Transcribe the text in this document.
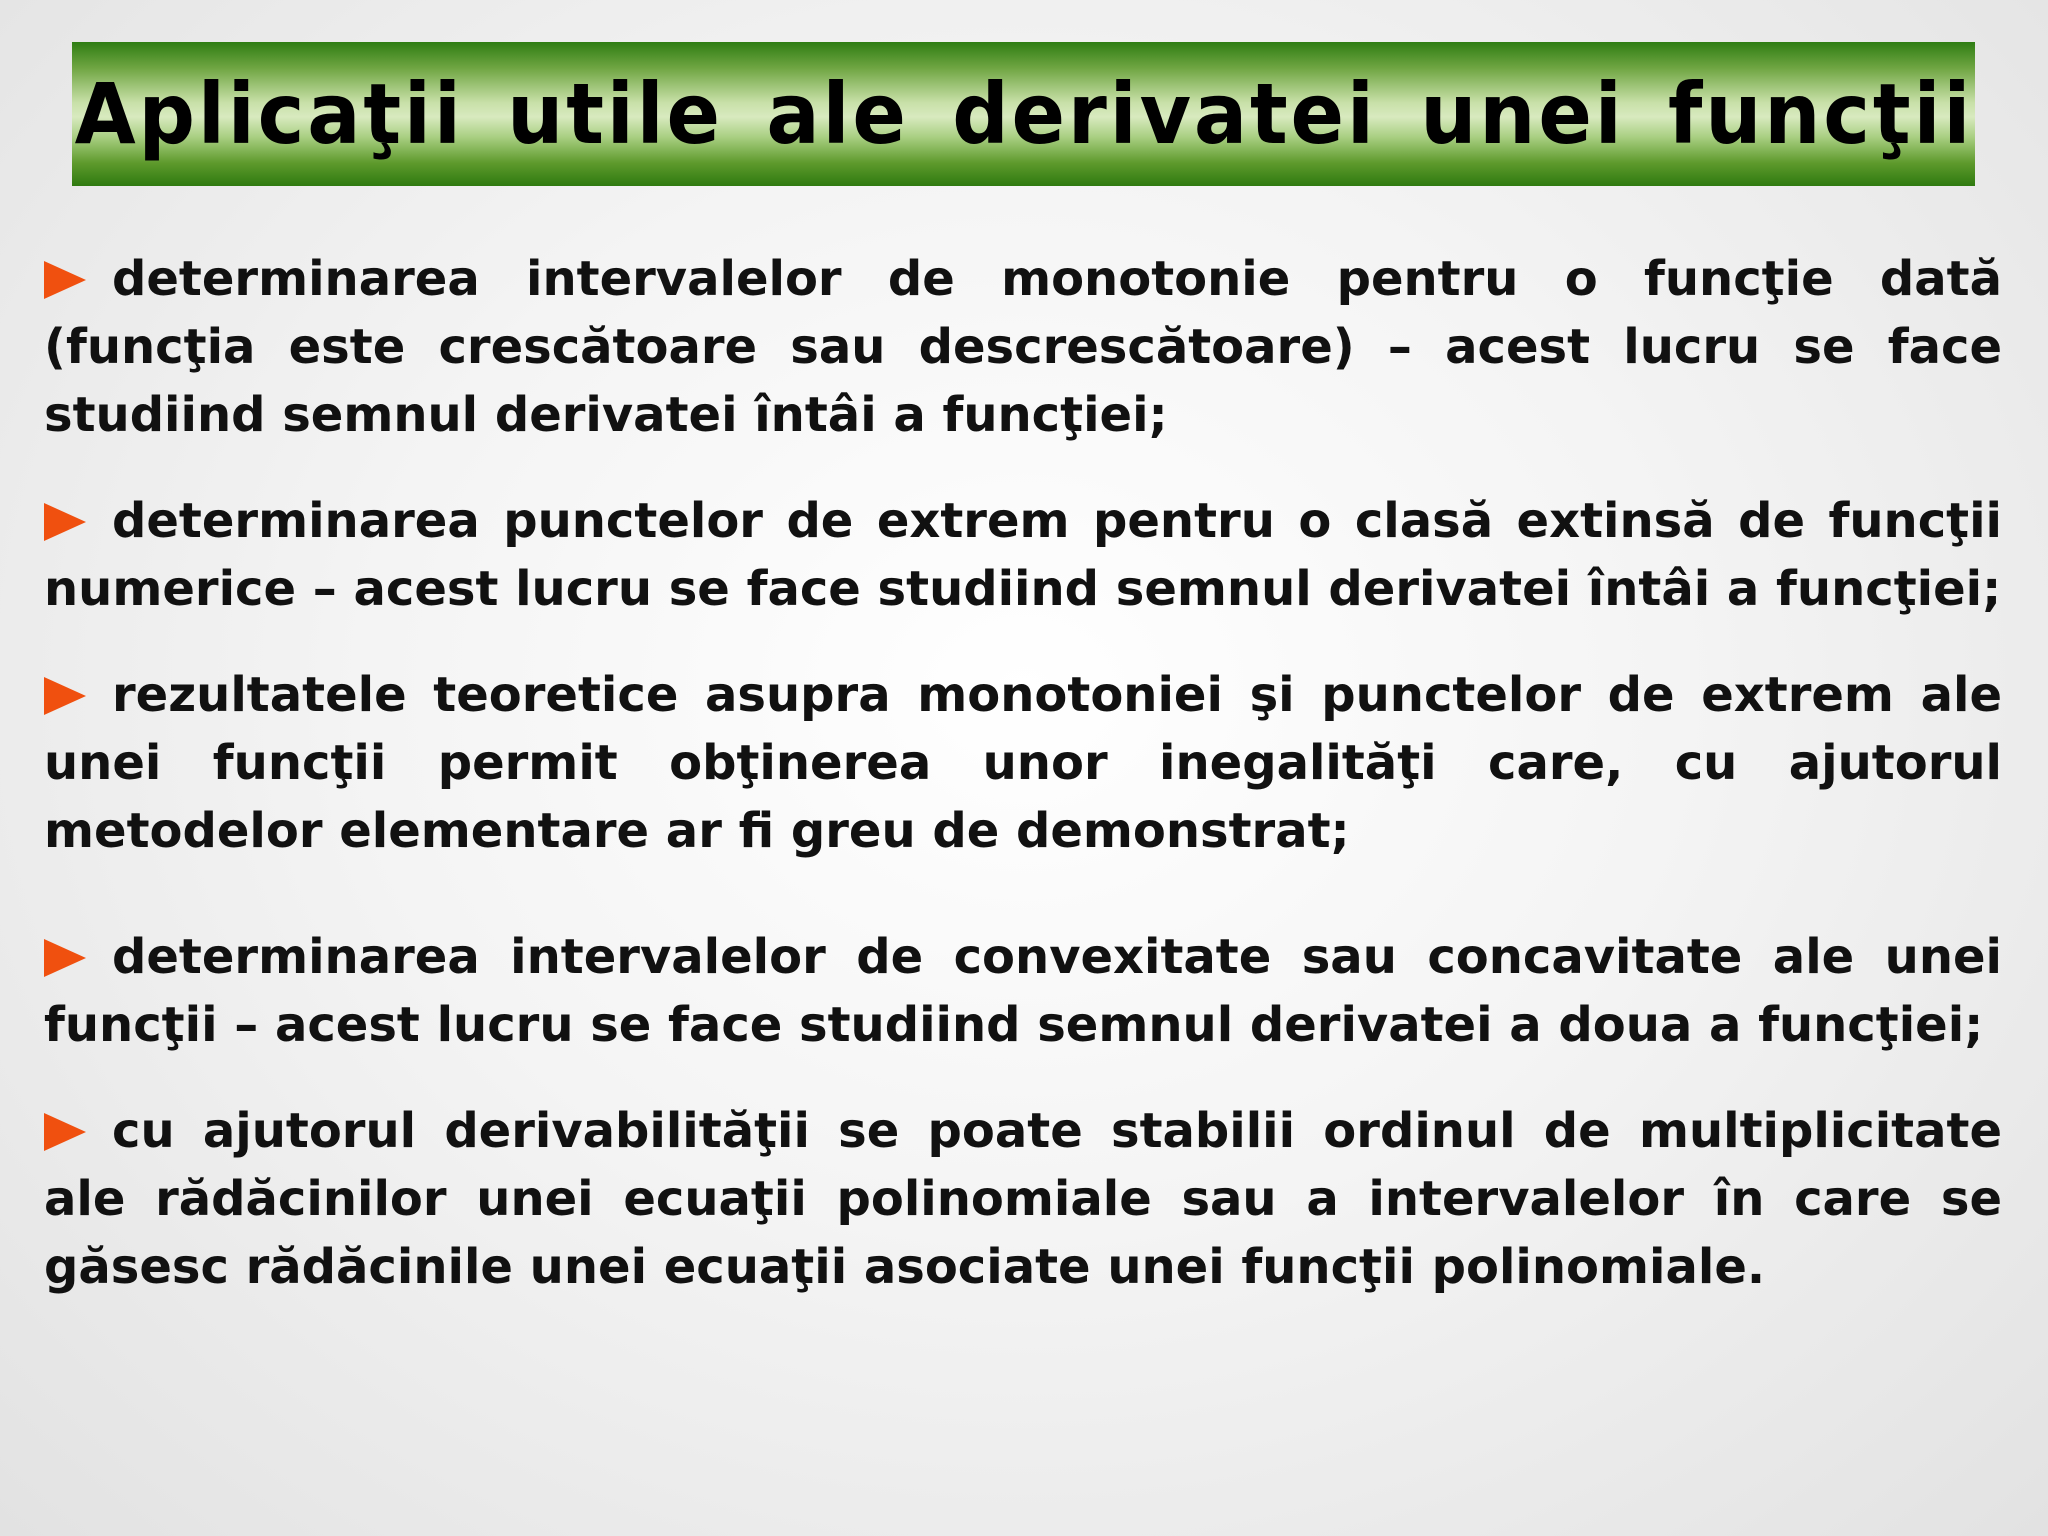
Aplicaţii utile ale derivatei unei funcţii

determinarea intervalelor de monotonie pentru o funcţie dată (funcţia este crescătoare sau descrescătoare) – acest lucru se face studiind semnul derivatei întâi a funcţiei;

determinarea punctelor de extrem pentru o clasă extinsă de funcţii numerice – acest lucru se face studiind semnul derivatei întâi a funcţiei;

rezultatele teoretice asupra monotoniei şi punctelor de extrem ale unei funcţii permit obţinerea unor inegalităţi care, cu ajutorul metodelor elementare ar fi greu de demonstrat;

determinarea intervalelor de convexitate sau concavitate ale unei funcţii – acest lucru se face studiind semnul derivatei a doua a funcţiei;

cu ajutorul derivabilităţii se poate stabilii ordinul de multiplicitate ale rădăcinilor unei ecuaţii polinomiale sau a intervalelor în care se găsesc rădăcinile unei ecuaţii asociate unei funcţii polinomiale.
